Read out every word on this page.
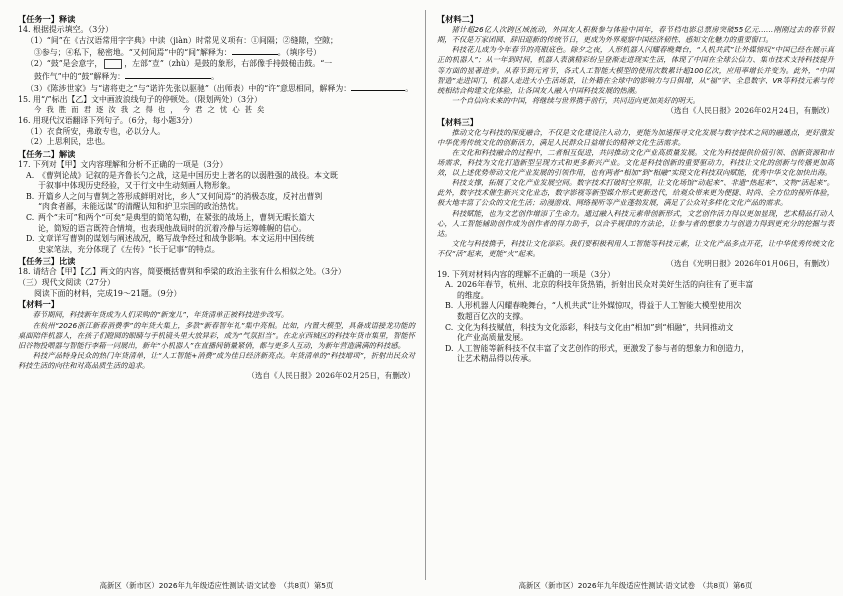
【任务一】释读

14. 根据提示填空。（3分）

（1）“间”在《古汉语常用字字典》中读（jiàn）时常见义项有：①间隔；②缝隙，空隙；

③参与；④私下，秘密地。“又何间焉”中的“间”解释为：	。（填序号）

（2）“鼓”是会意字，	，左部“壴”（zhù）是鼓的象形，右部像手持鼓槌击鼓。“一

鼓作气”中的“鼓”解释为：	。

（3）《陈涉世家》与“诸将吏之”与“诺许先张以驱驰”（出师表）中的“许”意思相同，解释为：	。

15. 用“/”标出【乙】文中画波浪线句子的停顿处。（限划两处）（3分）

今我胜而君逐汝我之得也，今君之忧心甚矣

16. 用现代汉语翻译下列句子。（6分，每小题3分）

（1）衣食所安，弗敢专也，必以分人。

（2）上思利民，忠也。

【任务二】解读

17. 下列对【甲】文内容理解和分析不正确的一项是（3分）

A. 《曹刿论战》记叙的是齐鲁长勺之战，这是中国历史上著名的以弱胜强的战役。本文既

于叙事中体现历史经验，又于行文中生动刻画人物形象。

B. 开篇乡人之问与曹刿之答形成鲜明对比，乡人“又何间焉”的消极态度，反衬出曹刿

“肉食者鄙，未能远谋”的清醒认知和护卫宗国的政治热忱。

C. 两个“未可”和两个“可矣”是典型的简笔勾勒，在紧张的战场上，曹刿无暇长篇大

论，简短的语言既符合情境，也表现他战局时的沉着冷静与运筹帷幄的信心。

D. 文章详写曹刿的谋划与阐述战况，略写战争经过和战争影响。本文运用中国传统

史家笔法，充分体现了《左传》“长于记事”的特点。

【任务三】比读

18. 请结合【甲】【乙】两文的内容，简要概括曹刿和季梁的政治主张有什么相似之处。（3分）

（三）现代文阅读（27分）

阅读下面的材料，完成19～21题。（9分）

【材料一】

春节期间，科技新年货成为人们采购的“新宠儿”，年货清单正被科技进步改写。

在杭州“2026浙江新春消费季”的年货大集上，多款“新春智年礼”集中亮相。比如，内置大模型，具备成语接龙功能的桌面陪伴机器人，在孩子们瞪圆的眼睛与手机镜头里大放异彩，成为“气氛担当”。在北京西城区的科技年货市集里，智能怀旧谷物投喂器与智能行李箱一同展出，新年“小机器人”在直播间销量紧俏，都与更多人互动，为新年营造满满的科技感。

科技产品特身民众的热门年货清单，让“人工智能+消费”成为佳日经济新亮点。年货清单的“科技增项”，折射出民众对科技生活的向往和对高品质生活的追求。

（选自《人民日报》2026年02月25日，有删改）

【材料二】

猪计超26亿人次跨区域流动，外国友人积极参与体验中国年，春节档电影总票房突破55亿元……刚刚过去的春节假期，不仅是万家团圆、辞旧迎新的传统节日，更成为外界观察中国经济韧性、感知文化魅力的重要窗口。

科技花儿成为今年春节的亮眼底色。除夕之夜，人形机器人闪耀春晚舞台，“人机共武”让外媒惊叹“中国已经在展示真正的机器人”；从一年到时间，机器人表演精彩纷呈登渐走进现实生活，体现了中国在全球公信力、集市技术支持科技提升等方面的显著进步。从春节到元宵节，各式人工智能大模型的使用次数累计超100亿次，应用率增长并变为。此外，“中国智造”走进国门，机器人走进大小生活场景，让外籍在全球中的影响力与日俱增，从“福”字、全息数字、VR等科技元素与传统相结合构建文化体验，让各国友人融入中国科技发展的热潮。

一个自信向未来的中国，将继续与世界携手前行，共同迈向更加美好的明天。

（选自《人民日报》2026年02月24日，有删改）

【材料三】

推动文化与科技的深度融合，不仅是文化建设注入动力，更能为加速探寻文化发展与数字技术之间的融通点，更好激发中华优秀传统文化的创新活力，满足人民群众日益增长的精神文化生活需求。

在文化和科技融合的过程中，二者相互促进，共同推动文化产业高质量发展。文化为科技提供价值引领、创新资源和市场需求，科技为文化打造新型呈现方式和更多新兴产业。文化是科技创新的重要驱动力，科技让文化的创新与传播更加高效，以上述优势带动文化产业发展的引领作用，也有两者“相加”到“相融”实现文化科技双向赋能，优秀中华文化加快出海。

科技支撑，拓展了文化产业发展空间。数字技术打破时空界限，让文化场馆“动起来”、非遗“热起来”、文物“活起来”。此外，数字技术催生新兴文化业态，数字影视等新型媒介形式更新迭代，给观众带来更为便捷、时尚、全方位的视听体验，极大地丰富了公众的文化生活；动漫游戏、网络视听等产业蓬勃发展，满足了公众对多样化文化产品的需求。

科技赋能，也为文艺创作增添了生命力。通过融入科技元素带创新形式，文艺创作活力得以更加显现，艺术精品打动人心，人工智能辅助创作成为创作者的得力助手，以合乎规律的方法论，让参与者的想象力与创造力得到更充分的挖掘与表达。

文化与科技携手，科技让文化添彩。我们要积极利用人工智能等科技元素，让文化产品多点开花，让中华优秀传统文化不仅“活”起来，更能“火”起来。

（选自《光明日报》2026年01月06日，有删改）

19. 下列对材料内容的理解不正确的一项是（3分）

A. 2026年春节，杭州、北京的科技年货热销，折射出民众对美好生活的向往有了更丰富

的维度。

B. 人形机器人闪耀春晚舞台，“人机共武”让外媒惊叹，得益于人工智能大模型使用次

数超百亿次的支撑。

C. 文化为科技赋值，科技为文化添彩，科技与文化由“相加”到“相融”，共同推动文

化产业高质量发展。

D. 人工智能等新科技不仅丰富了文艺创作的形式，更激发了参与者的想象力和创造力，

让艺术精品得以传承。

高新区（新市区）2026年九年级适应性测试·语文试卷　（共8页）第5页	高新区（新市区）2026年九年级适应性测试·语文试卷　（共8页）第6页
